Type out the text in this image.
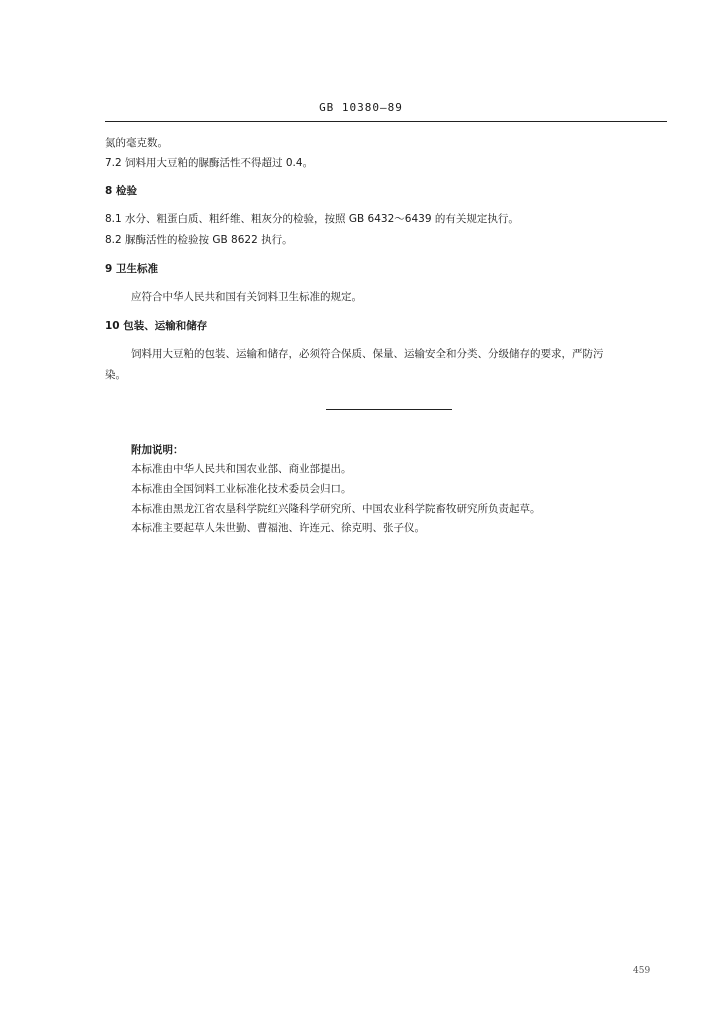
GB 10380—89
氮的毫克数。
7.2 饲料用大豆粕的脲酶活性不得超过 0.4。
8 检验
8.1 水分、粗蛋白质、粗纤维、粗灰分的检验，按照 GB 6432～6439 的有关规定执行。
8.2 脲酶活性的检验按 GB 8622 执行。
9 卫生标准
应符合中华人民共和国有关饲料卫生标准的规定。
10 包装、运输和储存
饲料用大豆粕的包装、运输和储存，必须符合保质、保量、运输安全和分类、分级储存的要求，严防污
染。
附加说明：
本标准由中华人民共和国农业部、商业部提出。
本标准由全国饲料工业标准化技术委员会归口。
本标准由黑龙江省农垦科学院红兴隆科学研究所、中国农业科学院畜牧研究所负责起草。
本标准主要起草人朱世勤、曹福池、许连元、徐克明、张子仪。
459
